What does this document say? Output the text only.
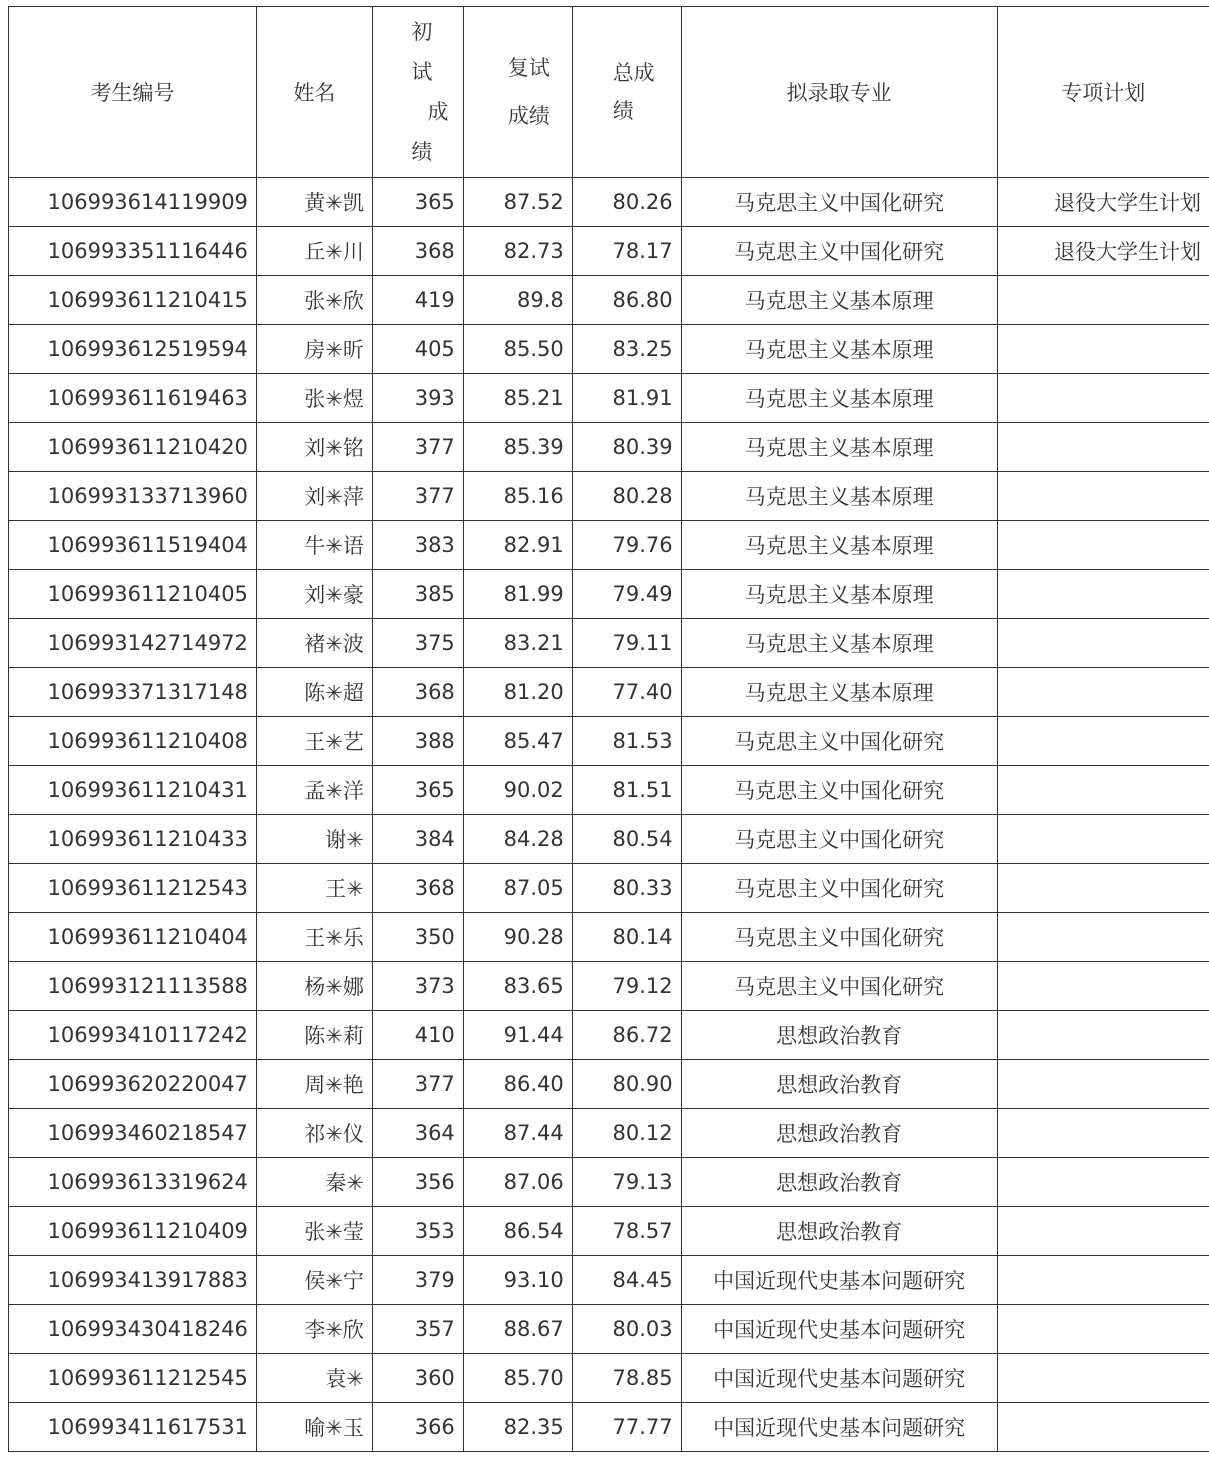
考生编号	姓名	初
试
成
绩	复试
成绩	总成
绩	拟录取专业	专项计划
106993614119909	黄✳凯	365	87.52	80.26	马克思主义中国化研究	退役大学生计划
106993351116446	丘✳川	368	82.73	78.17	马克思主义中国化研究	退役大学生计划
106993611210415	张✳欣	419	89.8	86.80	马克思主义基本原理	
106993612519594	房✳昕	405	85.50	83.25	马克思主义基本原理	
106993611619463	张✳煜	393	85.21	81.91	马克思主义基本原理	
106993611210420	刘✳铭	377	85.39	80.39	马克思主义基本原理	
106993133713960	刘✳萍	377	85.16	80.28	马克思主义基本原理	
106993611519404	牛✳语	383	82.91	79.76	马克思主义基本原理	
106993611210405	刘✳豪	385	81.99	79.49	马克思主义基本原理	
106993142714972	褚✳波	375	83.21	79.11	马克思主义基本原理	
106993371317148	陈✳超	368	81.20	77.40	马克思主义基本原理	
106993611210408	王✳艺	388	85.47	81.53	马克思主义中国化研究	
106993611210431	孟✳洋	365	90.02	81.51	马克思主义中国化研究	
106993611210433	谢✳	384	84.28	80.54	马克思主义中国化研究	
106993611212543	王✳	368	87.05	80.33	马克思主义中国化研究	
106993611210404	王✳乐	350	90.28	80.14	马克思主义中国化研究	
106993121113588	杨✳娜	373	83.65	79.12	马克思主义中国化研究	
106993410117242	陈✳莉	410	91.44	86.72	思想政治教育	
106993620220047	周✳艳	377	86.40	80.90	思想政治教育	
106993460218547	祁✳仪	364	87.44	80.12	思想政治教育	
106993613319624	秦✳	356	87.06	79.13	思想政治教育	
106993611210409	张✳莹	353	86.54	78.57	思想政治教育	
106993413917883	侯✳宁	379	93.10	84.45	中国近现代史基本问题研究	
106993430418246	李✳欣	357	88.67	80.03	中国近现代史基本问题研究	
106993611212545	袁✳	360	85.70	78.85	中国近现代史基本问题研究	
106993411617531	喻✳玉	366	82.35	77.77	中国近现代史基本问题研究	
